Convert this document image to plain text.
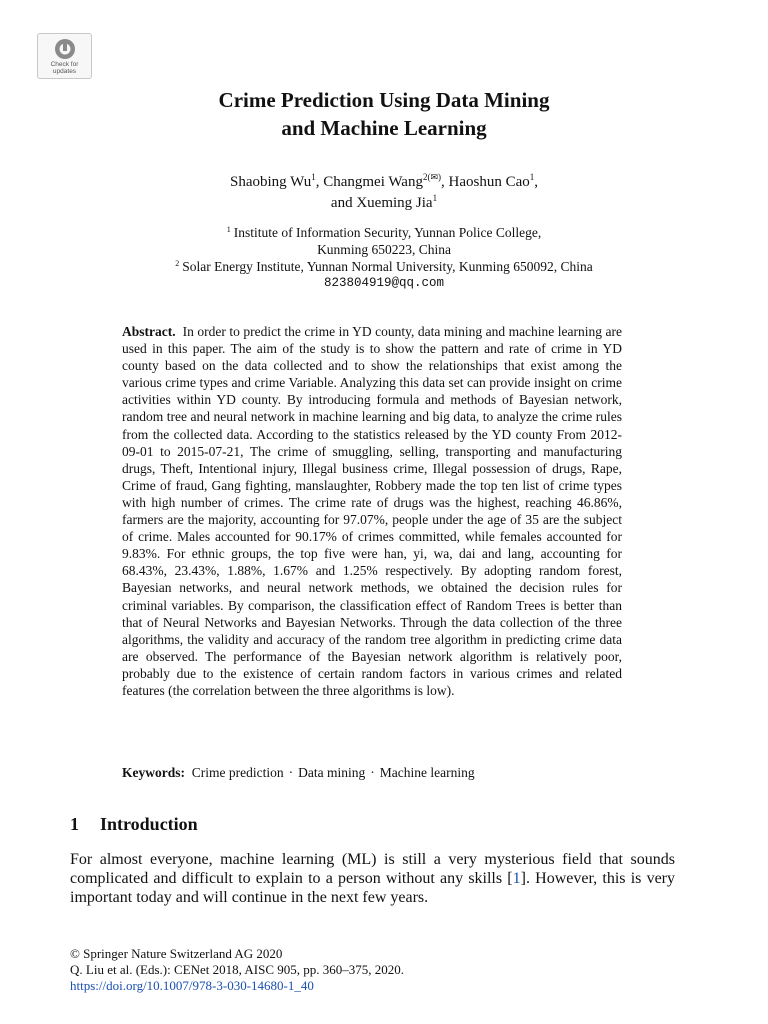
Check for
updates
Crime Prediction Using Data Mining
and Machine Learning
Shaobing Wu$^1$, Changmei Wang$^{2(✉)}$, Haoshun Cao$^1$,
and Xueming Jia$^1$
$^1$ Institute of Information Security, Yunnan Police College,
Kunming 650223, China
$^2$ Solar Energy Institute, Yunnan Normal University, Kunming 650092, China
823804919@qq.com

Abstract. In order to predict the crime in YD county, data mining and machine learning are used in this paper. The aim of the study is to show the pattern and rate of crime in YD county based on the data collected and to show the relationships that exist among the various crime types and crime Variable. Analyzing this data set can provide insight on crime activities within YD county. By introducing formula and methods of Bayesian network, random tree and neural network in machine learning and big data, to analyze the crime rules from the collected data. According to the statistics released by the YD county From 2012-09-01 to 2015-07-21, The crime of smuggling, selling, transporting and manufacturing drugs, Theft, Intentional injury, Illegal business crime, Illegal possession of drugs, Rape, Crime of fraud, Gang fighting, manslaughter, Robbery made the top ten list of crime types with high number of crimes. The crime rate of drugs was the highest, reaching 46.86%, farmers are the majority, accounting for 97.07%, people under the age of 35 are the subject of crime. Males accounted for 90.17% of crimes committed, while females accounted for 9.83%. For ethnic groups, the top five were han, yi, wa, dai and lang, accounting for 68.43%, 23.43%, 1.88%, 1.67% and 1.25% respectively. By adopting random forest, Bayesian networks, and neural network methods, we obtained the decision rules for criminal variables. By comparison, the classification effect of Random Trees is better than that of Neural Networks and Bayesian Networks. Through the data collection of the three algorithms, the validity and accuracy of the random tree algorithm in predicting crime data are observed. The performance of the Bayesian network algorithm is relatively poor, probably due to the existence of certain random factors in various crimes and related features (the correlation between the three algorithms is low).

Keywords: Crime prediction · Data mining · Machine learning
1 Introduction

For almost everyone, machine learning (ML) is still a very mysterious field that sounds complicated and difficult to explain to a person without any skills [1]. However, this is very important today and will continue in the next few years.

© Springer Nature Switzerland AG 2020
Q. Liu et al. (Eds.): CENet 2018, AISC 905, pp. 360–375, 2020.
https://doi.org/10.1007/978-3-030-14680-1_40
